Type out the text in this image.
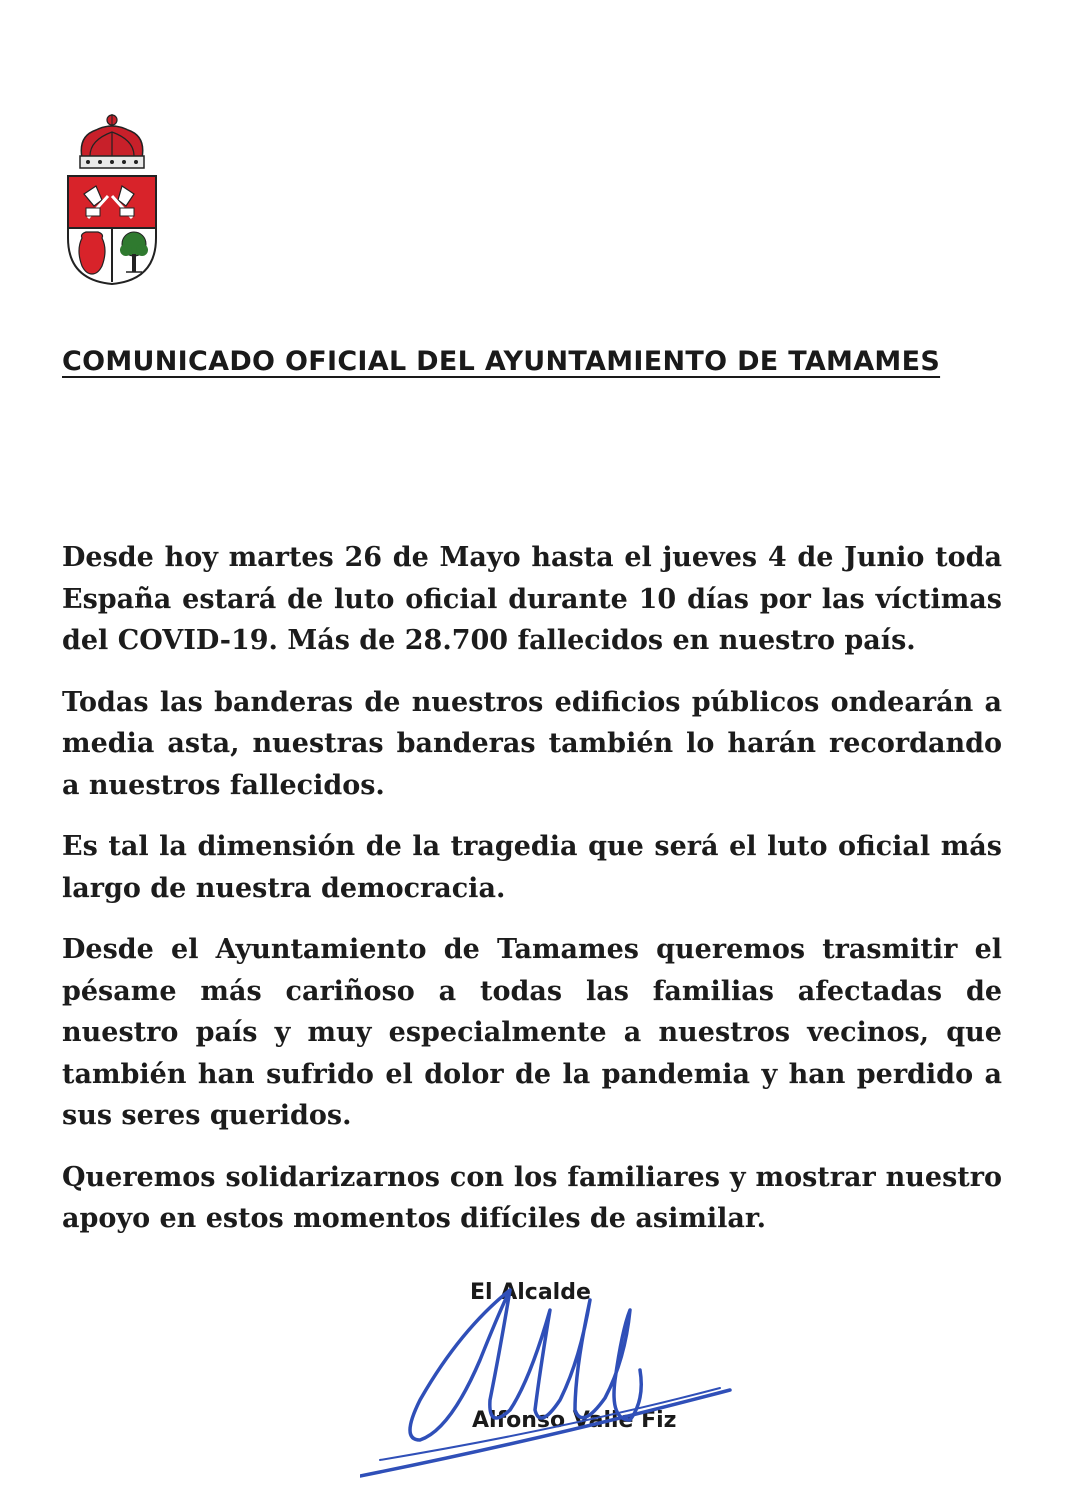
COMUNICADO OFICIAL DEL AYUNTAMIENTO DE TAMAMES

Desde hoy martes 26 de Mayo hasta el jueves 4 de Junio toda España estará de luto oficial durante 10 días por las víctimas del COVID-19. Más de 28.700 fallecidos en nuestro país.

Todas las banderas de nuestros edificios públicos ondearán a media asta, nuestras banderas también lo harán recordando a nuestros fallecidos.

Es tal la dimensión de la tragedia que será el luto oficial más largo de nuestra democracia.

Desde el Ayuntamiento de Tamames queremos trasmitir el pésame más cariñoso a todas las familias afectadas de nuestro país y muy especialmente a nuestros vecinos, que también han sufrido el dolor de la pandemia y han perdido a sus seres queridos.

Queremos solidarizarnos con los familiares y mostrar nuestro apoyo en estos momentos difíciles de asimilar.

El Alcalde

Alfonso Valle Fiz
